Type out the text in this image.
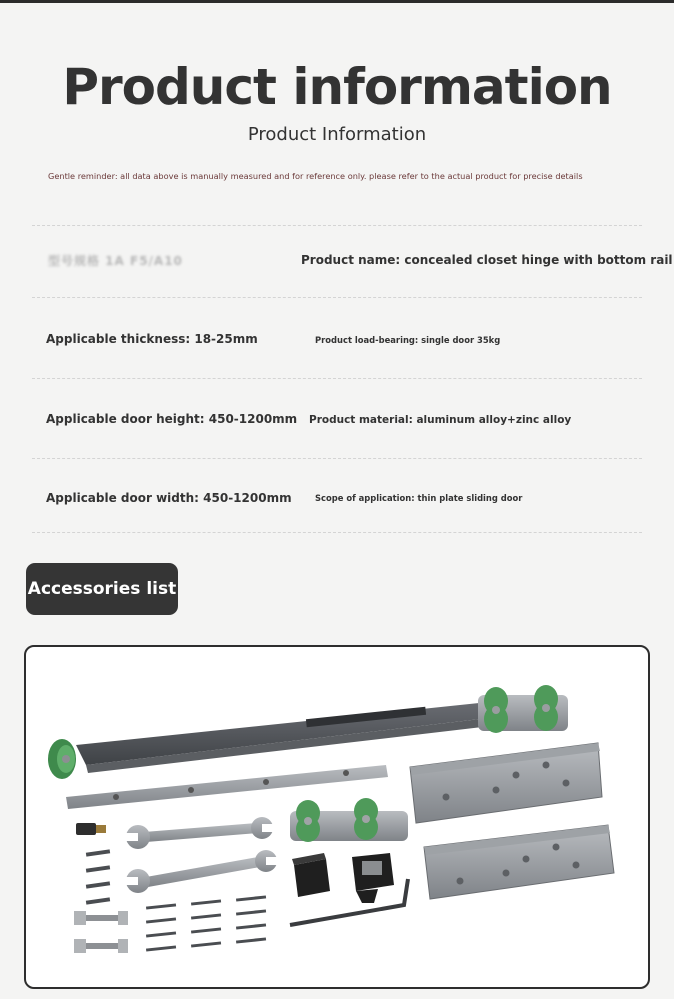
Product information
Product Information
Gentle reminder: all data above is manually measured and for reference only. please refer to the actual product for precise details
型号规格 1A F5/A10	Product name: concealed closet hinge with bottom rail
Applicable thickness: 18-25mm	Product load-bearing: single door 35kg
Applicable door height: 450-1200mm Product material: aluminum alloy+zinc alloy
Applicable door width: 450-1200mm	Scope of application: thin plate sliding door
Accessories list
